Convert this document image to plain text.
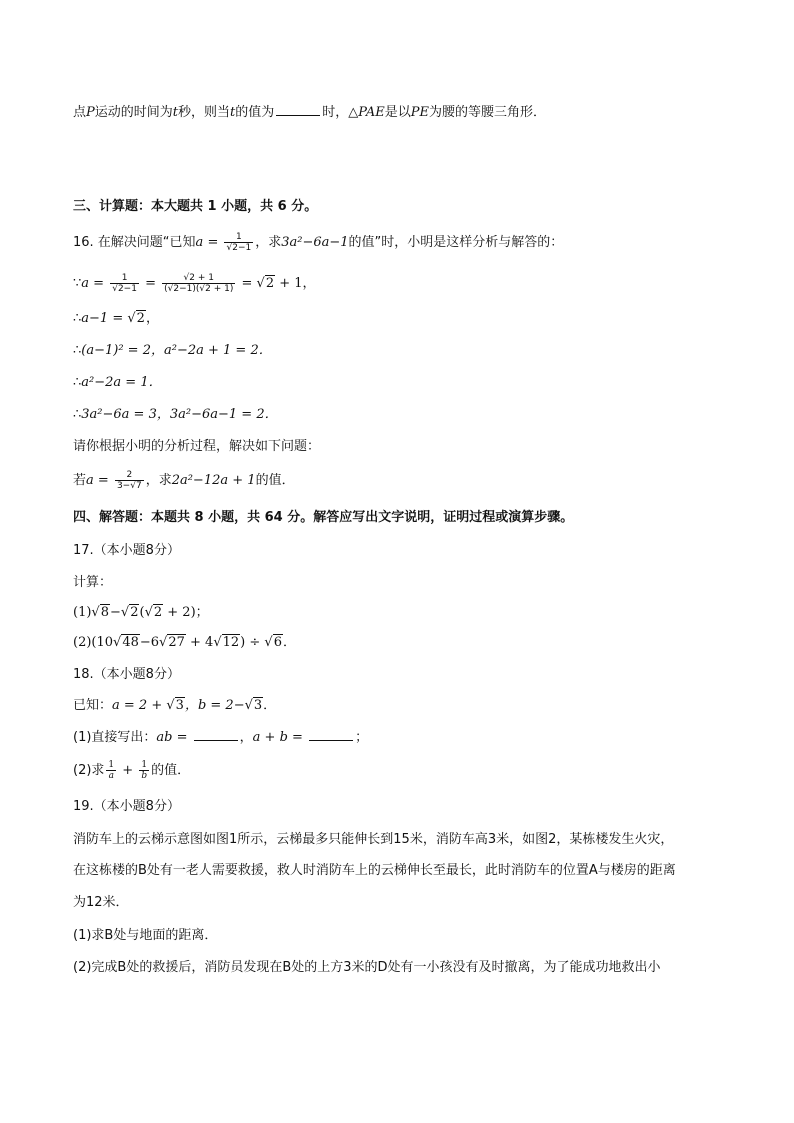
点P运动的时间为t秒，则当t的值为	时，△PAE是以PE为腰的等腰三角形．
三、计算题：本大题共 1 小题，共 6 分。
16. 在解决问题“已知$a = \frac{1}{√2-1}$ ，求3a²−6a−1的值”时，小明是这样分析与解答的：
∵a = $\frac{1}{√2-1} = \frac{√2 + 1}{(√2-1)(√2 + 1)} = √2 + 1$，
∴a−1 = √2，
∴(a−1)² = 2，a²−2a + 1 = 2．
∴a²−2a = 1．
∴3a²−6a = 3，3a²−6a−1 = 2．
请你根据小明的分析过程，解决如下问题：
若$a = \frac{2}{3-√7}$ ，求2a²−12a + 1的值．
四、解答题：本题共 8 小题，共 64 分。解答应写出文字说明，证明过程或演算步骤。
17.（本小题8分）
计算：
(1)√8−√2(√2 + 2)；
(2)(10√48−6√27 + 4√12) ÷ √6．
18.（本小题8分）
已知：a = 2 + √3，b = 2−√3．
(1)直接写出：ab =	，a + b =	；
(2)求 $\frac{1}{a} + \frac{1}{b}$ 的值．
19.（本小题8分）
消防车上的云梯示意图如图1所示，云梯最多只能伸长到15米，消防车高3米，如图2，某栋楼发生火灾，
在这栋楼的B处有一老人需要救援，救人时消防车上的云梯伸长至最长，此时消防车的位置A与楼房的距离
为12米．
(1)求B处与地面的距离．
(2)完成B处的救援后，消防员发现在B处的上方3米的D处有一小孩没有及时撤离，为了能成功地救出小
